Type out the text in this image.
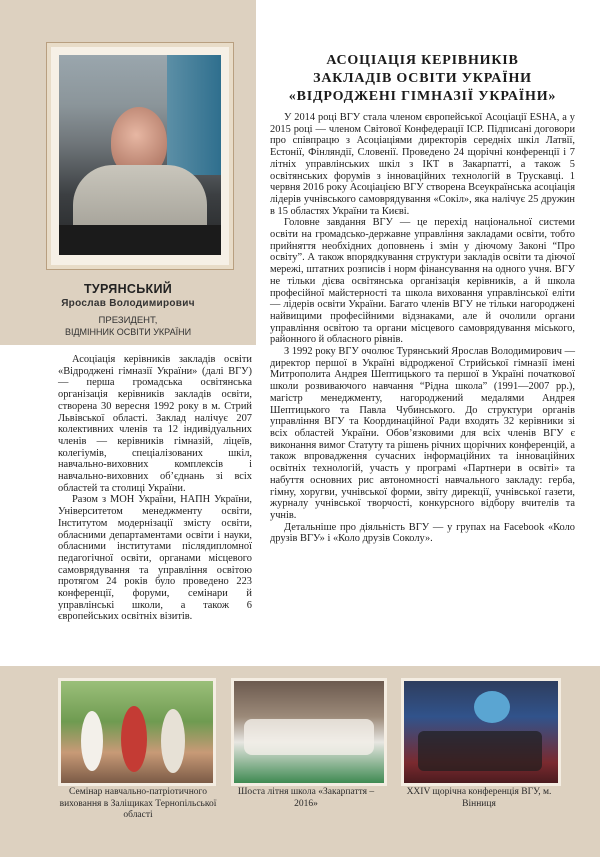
ТУРЯНСЬКИЙ
Ярослав Володимирович
ПРЕЗИДЕНТ,
ВІДМІННИК ОСВІТИ УКРАЇНИ
АСОЦІАЦІЯ КЕРІВНИКІВ
ЗАКЛАДІВ ОСВІТИ УКРАЇНИ
«ВІДРОДЖЕНІ ГІМНАЗІЇ УКРАЇНИ»

Асоціація керівників закладів освіти «Відроджені гімназії України» (далі ВГУ) — перша громадська освітянська організація керівників закладів освіти, створена 30 вересня 1992 року в м. Стрий Львівської області. Заклад налічує 207 колективних членів та 12 індивідуальних членів — керівників гімназій, ліцеїв, колегіумів, спеціалізованих шкіл, навчально-виховних комплексів і навчально-виховних об’єднань зі всіх областей та столиці України.

Разом з МОН України, НАПН України, Університетом менеджменту освіти, Інститутом модернізації змісту освіти, обласними департаментами освіти і науки, обласними інститутами післядипломної педагогічної освіти, органами місцевого самоврядування та управління освітою протягом 24 років було проведено 223 конференції, форуми, семінари й управлінські школи, а також 6 європейських освітніх візитів.

У 2014 році ВГУ стала членом європейської Асоціації ESHA, а у 2015 році — членом Світової Конфедерації ICP. Підписані договори про співпрацю з Асоціаціями директорів середніх шкіл Латвії, Естонії, Фінляндії, Словенії. Проведено 24 щорічні конференції і 7 літніх управлінських шкіл з ІКТ в Закарпатті, а також 5 освітянських форумів з інноваційних технологій в Трускавці. 1 червня 2016 року Асоціацією ВГУ створена Всеукраїнська асоціація лідерів учнівського самоврядування «Сокіл», яка налічує 25 дружин в 15 областях України та Києві.

Головне завдання ВГУ — це перехід національної системи освіти на громадсько-державне управління закладами освіти, тобто прийняття необхідних доповнень і змін у діючому Законі “Про освіту”. А також впорядкування структури закладів освіти та діючої мережі, штатних розписів і норм фінансування на одного учня. ВГУ не тільки дієва освітянська організація керівників, а й школа професійної майстерності та школа виховання управлінської еліти — лідерів освіти України. Багато членів ВГУ не тільки нагороджені найвищими професійними відзнаками, але й очолили органи управління освітою та органи місцевого самоврядування міського, районного й обласного рівнів.

З 1992 року ВГУ очолює Турянський Ярослав Володимирович — директор першої в Україні відродженої Стрийської гімназії імені Митрополита Андрея Шептицького та першої в Україні початкової школи розвиваючого навчання “Рідна школа” (1991—2007 рр.), магістр менеджменту, нагороджений медалями Андрея Шептицького та Павла Чубинського. До структури органів управління ВГУ та Координаційної Ради входять 32 керівники зі всіх областей України. Обов’язковими для всіх членів ВГУ є виконання вимог Статуту та рішень річних щорічних конференцій, а також впровадження сучасних інформаційних та інноваційних освітніх технологій, участь у програмі «Партнери в освіті» та набуття основних рис автономності навчального закладу: герба, гімну, хоругви, учнівської форми, звіту дирекції, учнівської газети, журналу учнівської творчості, конкурсного відбору вчителів та учнів.

Детальніше про діяльність ВГУ — у групах на Facebook «Коло друзів ВГУ» і «Коло друзів Соколу».

Семінар навчально-патріотичного виховання в Заліщиках Тернопільської області
Шоста літня школа «Закарпаття – 2016»
XXIV щорічна конференція ВГУ, м. Вінниця
